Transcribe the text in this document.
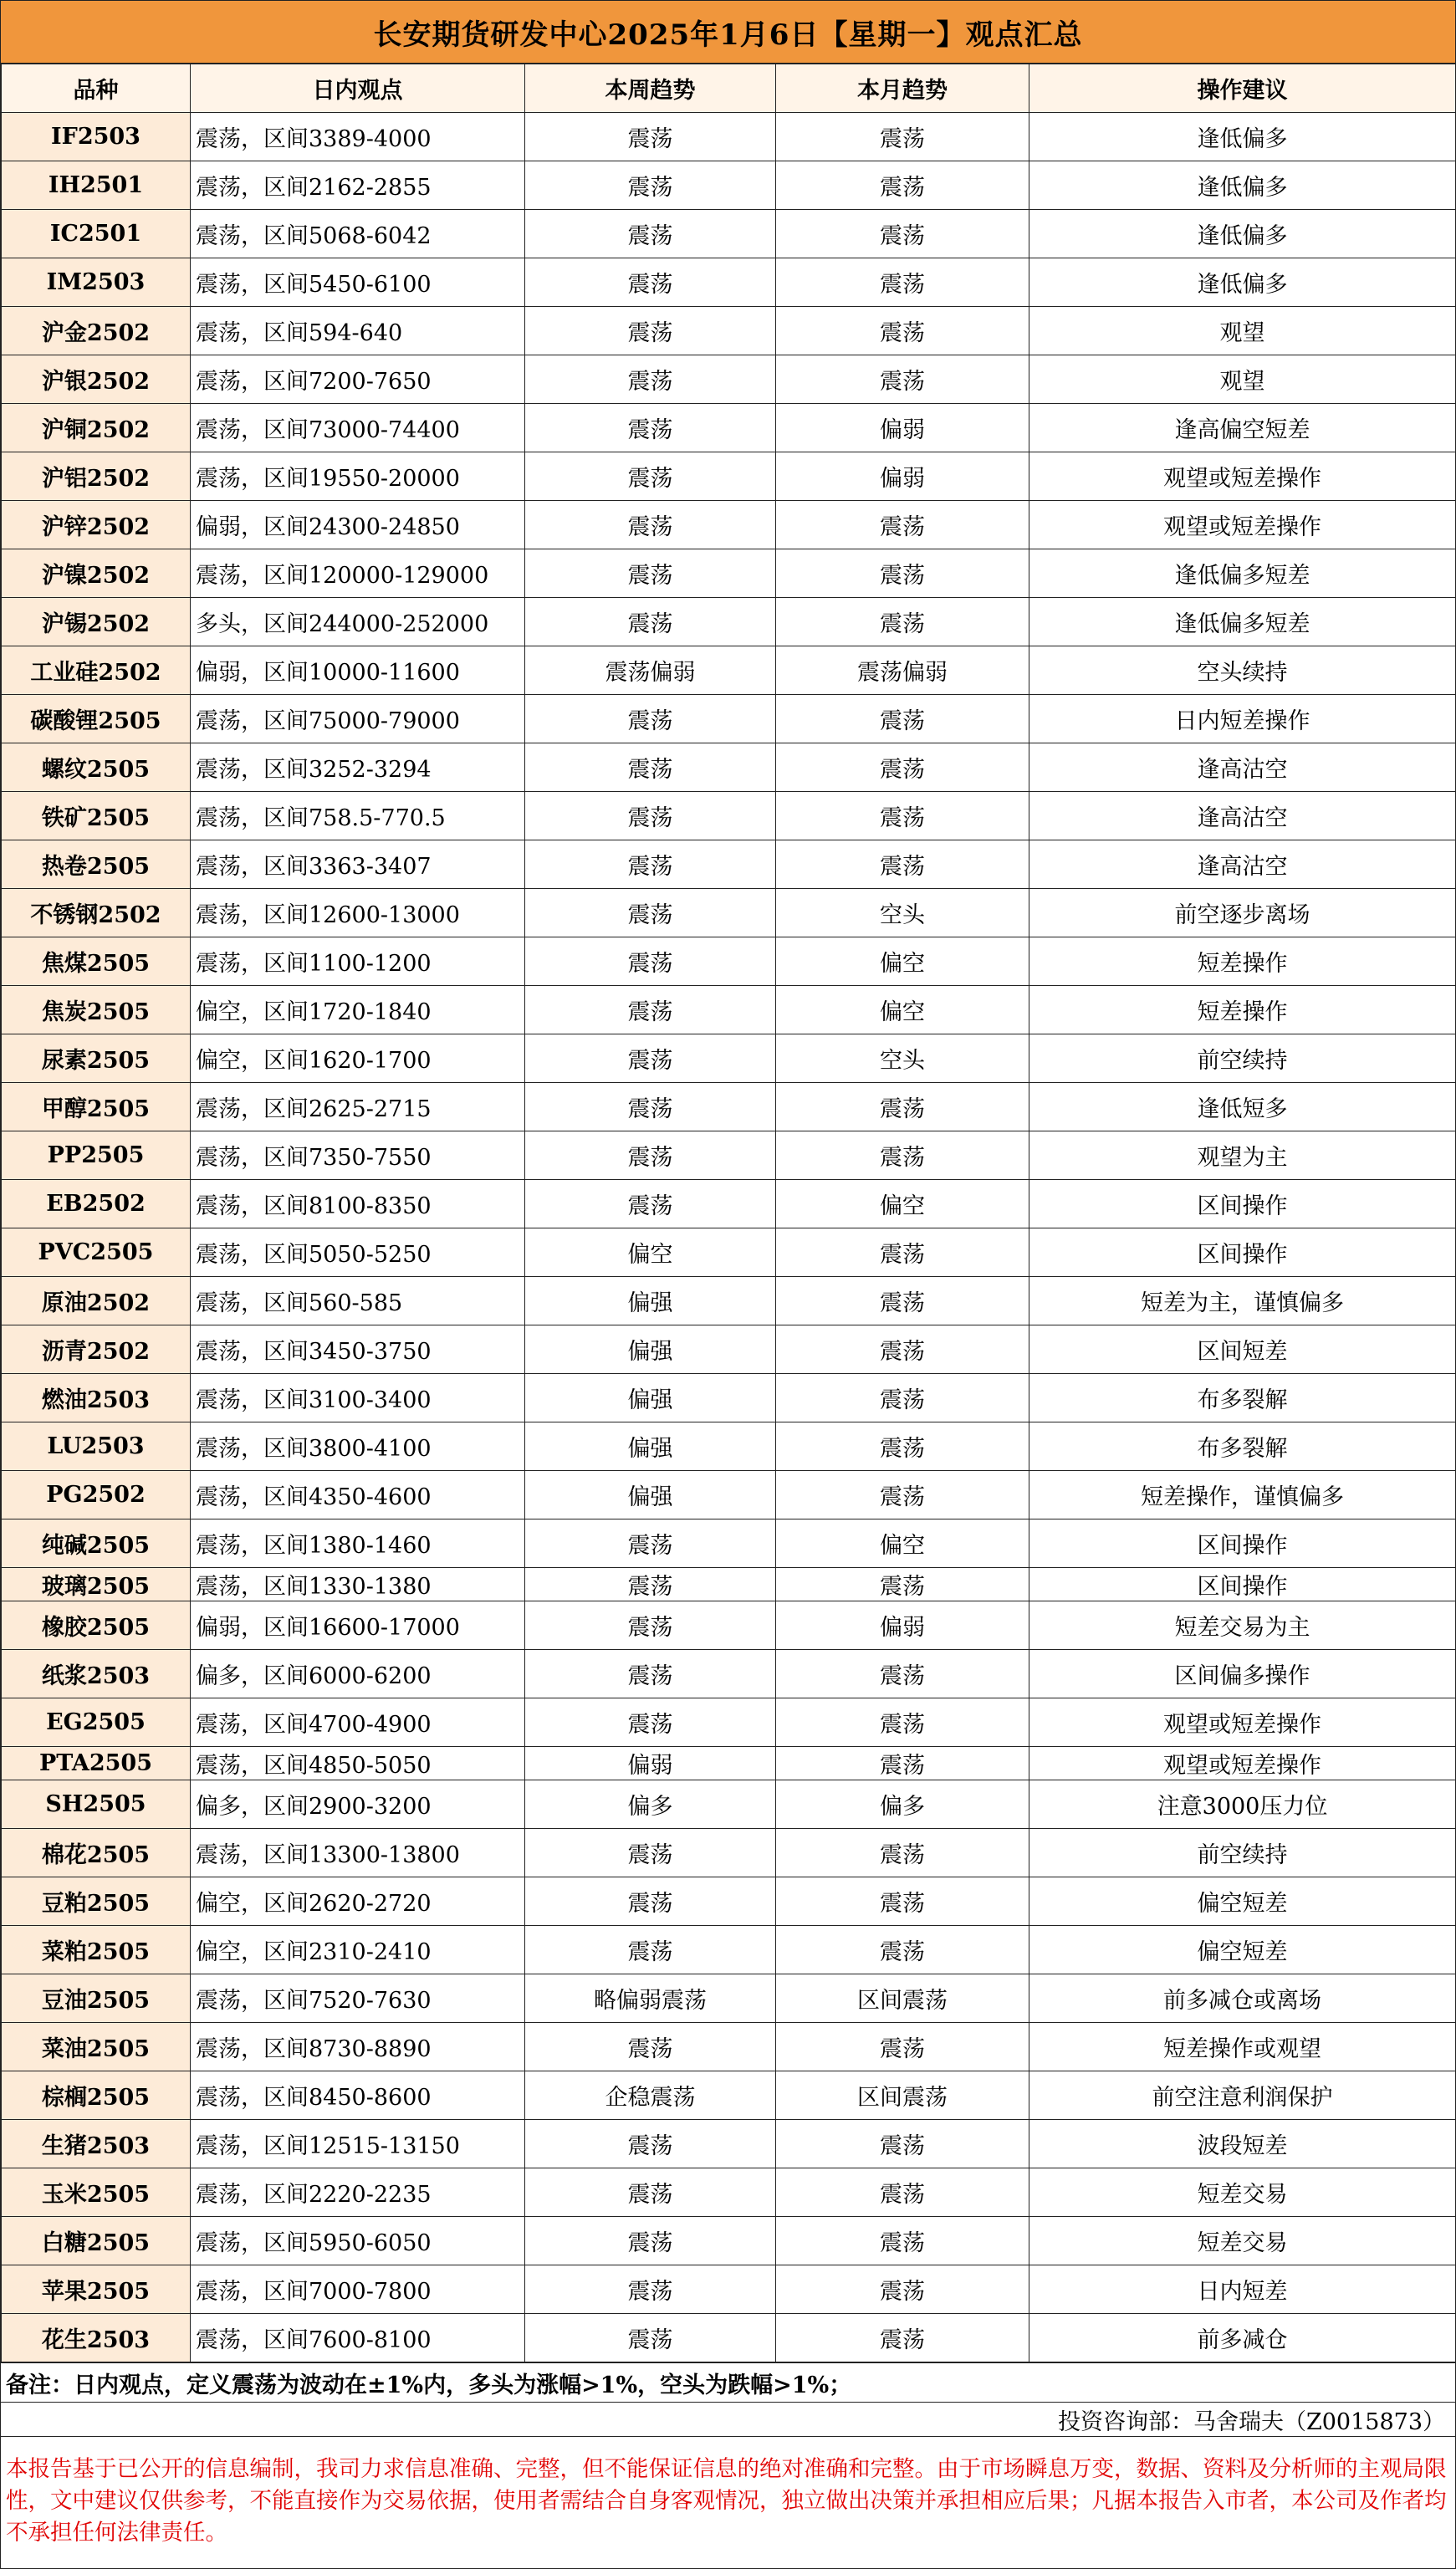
长安期货研发中心2025年1月6日【星期一】观点汇总
品种	日内观点	本周趋势	本月趋势	操作建议
IF2503	震荡，区间3389-4000	震荡	震荡	逢低偏多
IH2501	震荡，区间2162-2855	震荡	震荡	逢低偏多
IC2501	震荡，区间5068-6042	震荡	震荡	逢低偏多
IM2503	震荡，区间5450-6100	震荡	震荡	逢低偏多
沪金2502	震荡，区间594-640	震荡	震荡	观望
沪银2502	震荡，区间7200-7650	震荡	震荡	观望
沪铜2502	震荡，区间73000-74400	震荡	偏弱	逢高偏空短差
沪铝2502	震荡，区间19550-20000	震荡	偏弱	观望或短差操作
沪锌2502	偏弱，区间24300-24850	震荡	震荡	观望或短差操作
沪镍2502	震荡，区间120000-129000	震荡	震荡	逢低偏多短差
沪锡2502	多头，区间244000-252000	震荡	震荡	逢低偏多短差
工业硅2502	偏弱，区间10000-11600	震荡偏弱	震荡偏弱	空头续持
碳酸锂2505	震荡，区间75000-79000	震荡	震荡	日内短差操作
螺纹2505	震荡，区间3252-3294	震荡	震荡	逢高沽空
铁矿2505	震荡，区间758.5-770.5	震荡	震荡	逢高沽空
热卷2505	震荡，区间3363-3407	震荡	震荡	逢高沽空
不锈钢2502	震荡，区间12600-13000	震荡	空头	前空逐步离场
焦煤2505	震荡，区间1100-1200	震荡	偏空	短差操作
焦炭2505	偏空，区间1720-1840	震荡	偏空	短差操作
尿素2505	偏空，区间1620-1700	震荡	空头	前空续持
甲醇2505	震荡，区间2625-2715	震荡	震荡	逢低短多
PP2505	震荡，区间7350-7550	震荡	震荡	观望为主
EB2502	震荡，区间8100-8350	震荡	偏空	区间操作
PVC2505	震荡，区间5050-5250	偏空	震荡	区间操作
原油2502	震荡，区间560-585	偏强	震荡	短差为主，谨慎偏多
沥青2502	震荡，区间3450-3750	偏强	震荡	区间短差
燃油2503	震荡，区间3100-3400	偏强	震荡	布多裂解
LU2503	震荡，区间3800-4100	偏强	震荡	布多裂解
PG2502	震荡，区间4350-4600	偏强	震荡	短差操作，谨慎偏多
纯碱2505	震荡，区间1380-1460	震荡	偏空	区间操作
玻璃2505	震荡，区间1330-1380	震荡	震荡	区间操作
橡胶2505	偏弱，区间16600-17000	震荡	偏弱	短差交易为主
纸浆2503	偏多，区间6000-6200	震荡	震荡	区间偏多操作
EG2505	震荡，区间4700-4900	震荡	震荡	观望或短差操作
PTA2505	震荡，区间4850-5050	偏弱	震荡	观望或短差操作
SH2505	偏多，区间2900-3200	偏多	偏多	注意3000压力位
棉花2505	震荡，区间13300-13800	震荡	震荡	前空续持
豆粕2505	偏空，区间2620-2720	震荡	震荡	偏空短差
菜粕2505	偏空，区间2310-2410	震荡	震荡	偏空短差
豆油2505	震荡，区间7520-7630	略偏弱震荡	区间震荡	前多减仓或离场
菜油2505	震荡，区间8730-8890	震荡	震荡	短差操作或观望
棕榈2505	震荡，区间8450-8600	企稳震荡	区间震荡	前空注意利润保护
生猪2503	震荡，区间12515-13150	震荡	震荡	波段短差
玉米2505	震荡，区间2220-2235	震荡	震荡	短差交易
白糖2505	震荡，区间5950-6050	震荡	震荡	短差交易
苹果2505	震荡，区间7000-7800	震荡	震荡	日内短差
花生2503	震荡，区间7600-8100	震荡	震荡	前多减仓
备注：日内观点，定义震荡为波动在±1%内，多头为涨幅>1%，空头为跌幅>1%；
投资咨询部：马舍瑞夫（Z0015873）
本报告基于已公开的信息编制，我司力求信息准确、完整，但不能保证信息的绝对准确和完整。由于市场瞬息万变，数据、资料及分析师的主观局限性，文中建议仅供参考，不能直接作为交易依据，使用者需结合自身客观情况，独立做出决策并承担相应后果；凡据本报告入市者，本公司及作者均不承担任何法律责任。
